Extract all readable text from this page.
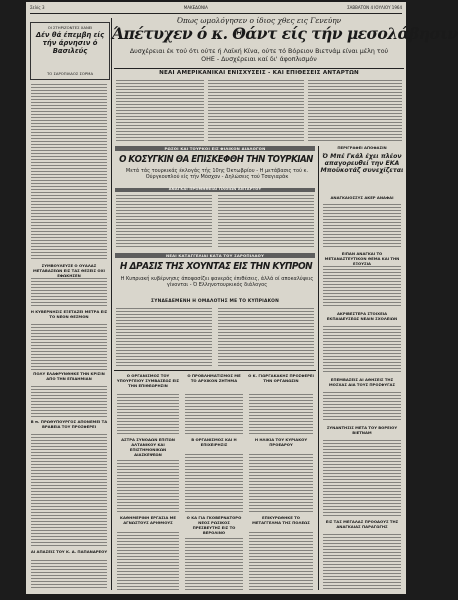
Σελίς 3	ΜΑΚΕΔΟΝΙΑ	ΣΑΒΒΑΤΟΝ 4 ΙΟΥΛΙΟΥ 1964
ΟΙ ΣΤΗΡΙΖΟΝΤΕΣ ΧΑΝΕΙ
Δέν θά έπεμβη είς τήν άρνησιν ό Βασιλεύς
ΤΟ ΣΑΡΟΠΙΛΑΟΣ ΣΟΡΜΑ
ΣΥΜΒΟΥΛΕΥΣΕ Ο ΟΥΑΛΑΣ ΜΕΤΑΒΑΣΕΩΝ ΕΙΣ ΤΑΣ ΘΕΣΕΙΣ ΟΧΙ ΕΦΩΚΗΣΕΝ
Η ΚΥΒΕΡΝΗΣΙΣ ΕΞΕΤΑΖΕΙ ΜΕΤΡΑ ΕΙΣ ΤΟ ΝΕΟΝ ΘΕΣΜΟΝ
ΠΟΛΥ ΕΛΑΦΡΥΝΘΗΚΕ ΤΗΝ ΚΡΙΣΙΝ ΑΠΟ ΤΗΝ ΕΠΙΔΗΜΙΑΝ
Β π. ΠΡΩΘΥΠΟΥΡΓΟΣ ΑΠΟΝΕΜΕΙ ΤΑ ΒΡΑΒΕΙΑ ΤΟΥ ΠΡΟΣΦΕΡΕΙ
ΑΙ ΑΠΑΣΕΙΣ ΤΟΥ Κ. Δ. ΠΑΠΑΝΔΡΕΟΥ
Όπως ωμολόγησεν ο ίδιος χθες εις Γενεύην
Άπέτυχεν ό κ. Θάντ είς τήν μεσολάβησιν
Δυσχέρειαι έκ τού ότι ούτε ή Λαϊκή Κίνα, ούτε τό Βόρειον Βιετνάμ είναι μέλη τού ΟΗΕ - Δυσχέρειαι καί δι' άφοπλισμόν
ΝΕΑΙ ΑΜΕΡΙΚΑΝΙΚΑΙ ΕΝΙΣΧΥΣΕΙΣ - ΚΑΙ ΕΠΙΘΕΣΕΙΣ ΑΝΤΑΡΤΩΝ
ΡΩΣΟΙ ΚΑΙ ΤΟΥΡΚΟΙ ΕΙΣ ΦΙΛΙΚΟΝ ΔΙΑΛΟΓΟΝ
Ο ΚΟΣΥΓΚΙΝ ΘΑ ΕΠΙΣΚΕΦΘΗ ΤΗΝ ΤΟΥΡΚΙΑΝ
Μετά τάς τουρκικάς έκλογάς τής 10ης Όκτωβρίου - Η μετάβασις τού κ. Ούργκουπλού είς τήν Μόσχαν - Δηλώσεις τού Τσαγιαράκ
ΑΝΑΓΚΑΙ ΠΡΟΜΗΘΕΙΑΙ ΠΛΟΙΩΝ ΑΝΤΑΡΤΟΥ
ΠΕΡΙΓΡΑΦΕΙ ΑΠΟΦΑΣΙΝ
Ό Μπέ Γκάλ έχει πλέον απαγορευθεί την ΕΚΑ Μποϋκοτάζ συνεχίζεται
ΑΝΑΓΚΑΙΟΣΣΥΣ ΑΚΕΡ ΑΝΑΦΑΙ
ΝΕΑΙ ΚΑΤΑΓΓΕΛΙΑΙ ΚΑΤΑ ΤΟΥ ΣΑΡΟΠΙΛΑΟΥ
Η ΔΡΑΣΙΣ ΤΗΣ ΧΟΥΝΤΑΣ ΕΙΣ ΤΗΝ ΚΥΠΡΟΝ
Η Κυπριακή κυβέρνησις άποφασίζει φανεράς έπιθέσεις, άλλά οί αποκαλύψεις γίνονται - Ό Ελληνοτουρκικός διάλογος
ΣΥΝΔΕΔΕΜΕΝΗ Η ΟΜΑΛΟΤΗΣ ΜΕ ΤΟ ΚΥΠΡΙΑΚΟΝ
ΕΙΠΑΝ ΑΝΑΓΚΑΙ ΤΟ ΜΕΤΑΝΑΣΤΕΥΤΙΚΟΝ ΘΕΜΑ ΚΑΙ ΤΗΝ ΕΞΟΥΣΙΑ
ΑΚΡΙΒΕΣΤΕΡΑ ΣΤΟΙΧΕΙΑ ΕΚΠΑΙΔΕΥΣΕΩΣ ΝΕΑΙΝ ΣΧΟΛΕΙΩΝ
ΕΠΕΜΒΑΣΕΙΣ ΑΙ ΑΘΗΣΕΙΣ ΤΗΣ ΜΟΣΧΑΣ ΔΙΑ ΤΟΥΣ ΠΡΟΣΦΥΓΑΣ
ΣΥΝΑΝΤΗΣΙΣ ΜΕΤΑ ΤΟΥ ΒΟΡΕΙΟΥ ΒΙΕΤΝΑΜ
ΕΙΣ ΤΑΣ ΜΕΓΑΛΑΣ ΠΡΟΟΔΟΥΣ ΤΗΣ ΑΝΑΓΚΑΙΑΣ ΠΑΡΑΓΩΓΗΣ
Ο ΟΡΓΑΝΙΣΜΟΣ ΤΟΥ ΥΠΟΥΡΓΕΙΟΥ ΣΥΜΒΑΣΕΩΣ ΕΙΣ ΤΗΝ ΕΠΙΘΕΩΡΗΣΙΝ
Ο ΠΡΟΒΛΗΜΑΤΙΣΜΟΣ ΜΕ ΤΟ ΑΡΧΙΚΟΝ ΖΗΤΗΜΑ
Ο Κ. ΓΙΩΡΓΑΚΑΚΗΣ ΠΡΟΣΦΕΡΕΙ ΤΗΝ ΟΡΓΑΝΩΣΙΝ
ΑΣΤΡΑ ΣΥΝΟΔΩΝ ΕΠΙΤΩΝ ΑΛΤΑΝΙΚΟΥ ΚΑΙ ΕΠΙΣΤΗΜΟΝΙΚΩΝ ΔΙΑΣΚΕΨΕΩΝ
Β ΟΡΓΑΝΙΣΜΟΣ ΚΑΙ Η ΕΠΙΧΕΙΡΗΣΙΣ
Η ΗΛΙΚΙΑ ΤΟΥ ΚΥΡΙΑΚΟΥ ΠΡΟΕΔΡΟΥ
ΚΑΘΗΜΕΡΙΝΗ ΕΡΓΑΣΙΑ ΜΕ ΑΓΝΩΣΤΟΥΣ ΑΡΙΘΜΟΥΣ
Ο ΚΑ ΓΙΑ ΓΚΟΒΕΡΝΑΤΟΡΟ ΝΕΟΣ ΡΩΣΙΚΟΣ ΠΡΕΣΒΕΥΤΗΣ ΕΙΣ ΤΟ ΒΕΡΟΛΙΝΟ
ΕΠΙΚΥΡΩΘΗΚΕ ΤΟ ΜΕΤΑΓΓΕΛΜΑ ΤΗΣ ΠΟΛΕΩΣ
